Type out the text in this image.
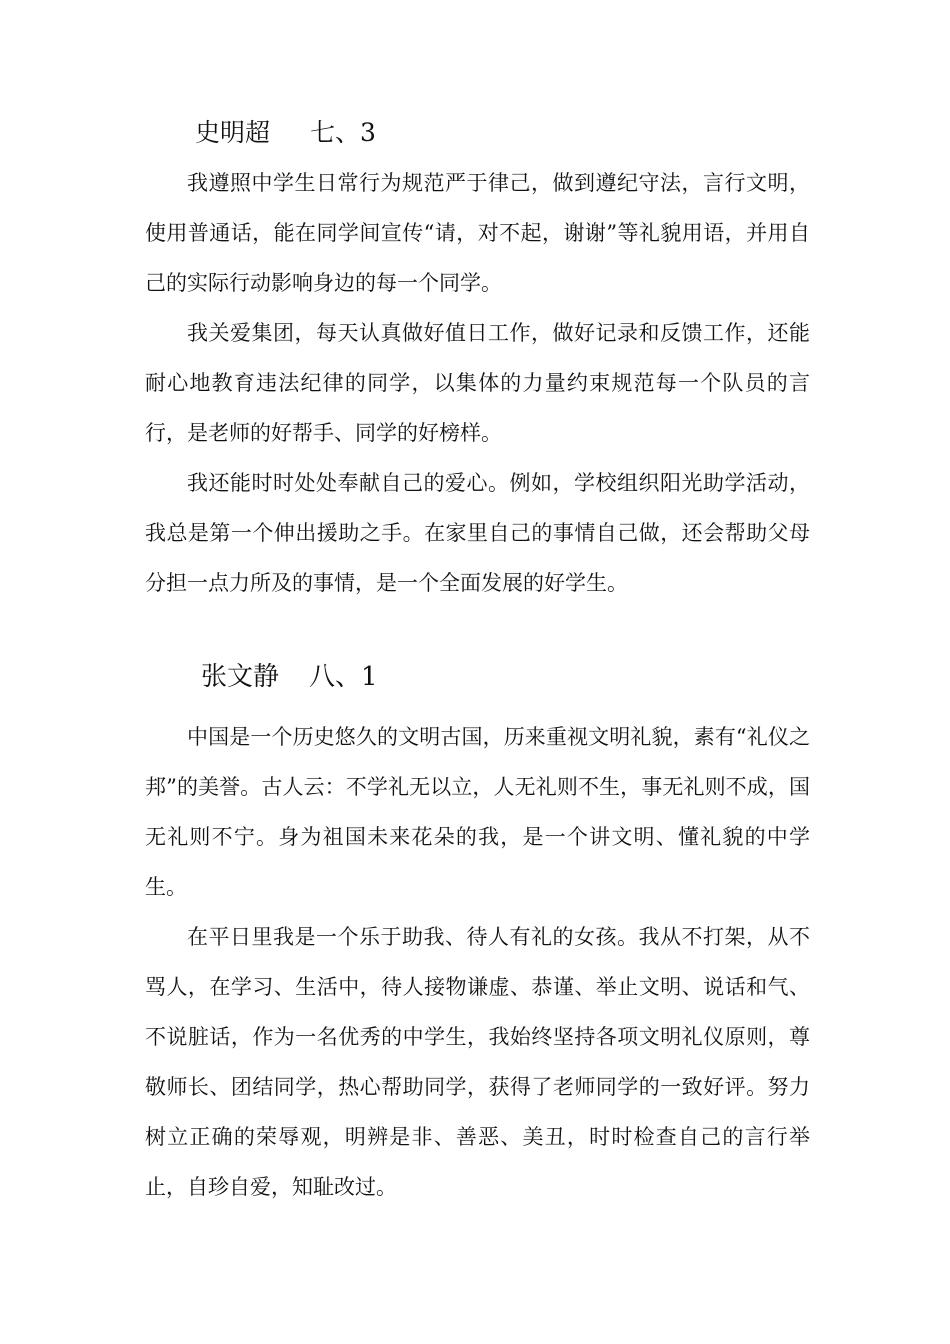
史明超 七、3

我遵照中学生日常行为规范严于律己，做到遵纪守法，言行文明，使用普通话，能在同学间宣传“请，对不起，谢谢”等礼貌用语，并用自己的实际行动影响身边的每一个同学。

我关爱集团，每天认真做好值日工作，做好记录和反馈工作，还能耐心地教育违法纪律的同学，以集体的力量约束规范每一个队员的言行，是老师的好帮手、同学的好榜样。

我还能时时处处奉献自己的爱心。例如，学校组织阳光助学活动，我总是第一个伸出援助之手。在家里自己的事情自己做，还会帮助父母分担一点力所及的事情，是一个全面发展的好学生。

张文静 八、1

中国是一个历史悠久的文明古国，历来重视文明礼貌，素有“礼仪之邦”的美誉。古人云：不学礼无以立，人无礼则不生，事无礼则不成，国无礼则不宁。身为祖国未来花朵的我，是一个讲文明、懂礼貌的中学生。

在平日里我是一个乐于助我、待人有礼的女孩。我从不打架，从不骂人，在学习、生活中，待人接物谦虚、恭谨、举止文明、说话和气、不说脏话，作为一名优秀的中学生，我始终坚持各项文明礼仪原则，尊敬师长、团结同学，热心帮助同学，获得了老师同学的一致好评。努力树立正确的荣辱观，明辨是非、善恶、美丑，时时检查自己的言行举止，自珍自爱，知耻改过。
